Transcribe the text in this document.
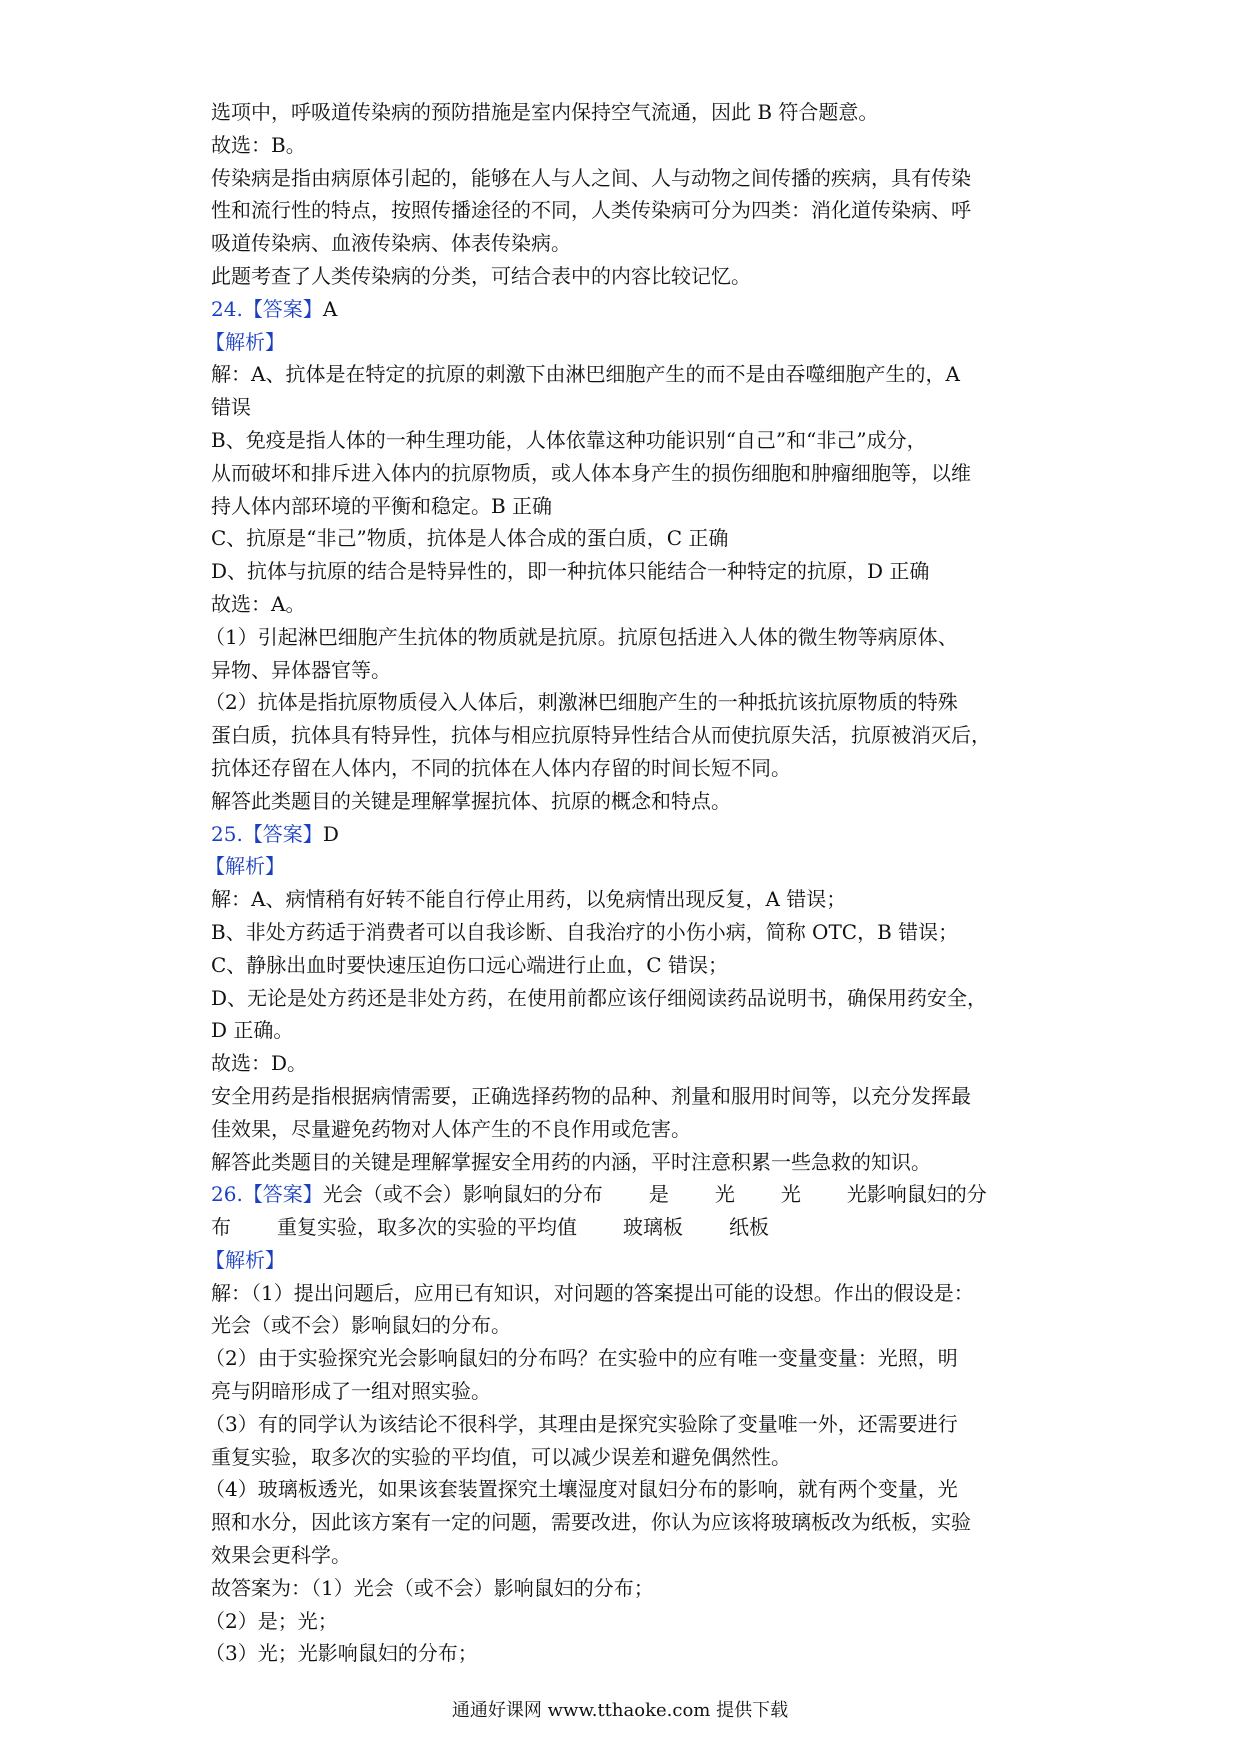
选项中，呼吸道传染病的预防措施是室内保持空气流通，因此 B 符合题意。
故选：B。
传染病是指由病原体引起的，能够在人与人之间、人与动物之间传播的疾病，具有传染
性和流行性的特点，按照传播途径的不同，人类传染病可分为四类：消化道传染病、呼
吸道传染病、血液传染病、体表传染病。
此题考查了人类传染病的分类，可结合表中的内容比较记忆。
24.【答案】A
【解析】
解：A、抗体是在特定的抗原的刺激下由淋巴细胞产生的而不是由吞噬细胞产生的，A
错误
B、免疫是指人体的一种生理功能，人体依靠这种功能识别“自己”和“非己”成分，
从而破坏和排斥进入体内的抗原物质，或人体本身产生的损伤细胞和肿瘤细胞等，以维
持人体内部环境的平衡和稳定。B 正确
C、抗原是“非己”物质，抗体是人体合成的蛋白质，C 正确
D、抗体与抗原的结合是特异性的，即一种抗体只能结合一种特定的抗原，D 正确
故选：A。
（1）引起淋巴细胞产生抗体的物质就是抗原。抗原包括进入人体的微生物等病原体、
异物、异体器官等。
（2）抗体是指抗原物质侵入人体后，刺激淋巴细胞产生的一种抵抗该抗原物质的特殊
蛋白质，抗体具有特异性，抗体与相应抗原特异性结合从而使抗原失活，抗原被消灭后，
抗体还存留在人体内，不同的抗体在人体内存留的时间长短不同。
解答此类题目的关键是理解掌握抗体、抗原的概念和特点。
25.【答案】D
【解析】
解：A、病情稍有好转不能自行停止用药，以免病情出现反复，A 错误；
B、非处方药适于消费者可以自我诊断、自我治疗的小伤小病，简称 OTC，B 错误；
C、静脉出血时要快速压迫伤口远心端进行止血，C 错误；
D、无论是处方药还是非处方药，在使用前都应该仔细阅读药品说明书，确保用药安全，
D 正确。
故选：D。
安全用药是指根据病情需要，正确选择药物的品种、剂量和服用时间等，以充分发挥最
佳效果，尽量避免药物对人体产生的不良作用或危害。
解答此类题目的关键是理解掌握安全用药的内涵，平时注意积累一些急救的知识。
26.【答案】光会（或不会）影响鼠妇的分布 是 光 光 光影响鼠妇的分
布 重复实验，取多次的实验的平均值 玻璃板 纸板
【解析】
解：（1）提出问题后，应用已有知识，对问题的答案提出可能的设想。作出的假设是：
光会（或不会）影响鼠妇的分布。
（2）由于实验探究光会影响鼠妇的分布吗？在实验中的应有唯一变量变量：光照，明
亮与阴暗形成了一组对照实验。
（3）有的同学认为该结论不很科学，其理由是探究实验除了变量唯一外，还需要进行
重复实验，取多次的实验的平均值，可以减少误差和避免偶然性。
（4）玻璃板透光，如果该套装置探究土壤湿度对鼠妇分布的影响，就有两个变量，光
照和水分，因此该方案有一定的问题，需要改进，你认为应该将玻璃板改为纸板，实验
效果会更科学。
故答案为：（1）光会（或不会）影响鼠妇的分布；
（2）是；光；
（3）光；光影响鼠妇的分布；
通通好课网 www.tthaoke.com 提供下载
